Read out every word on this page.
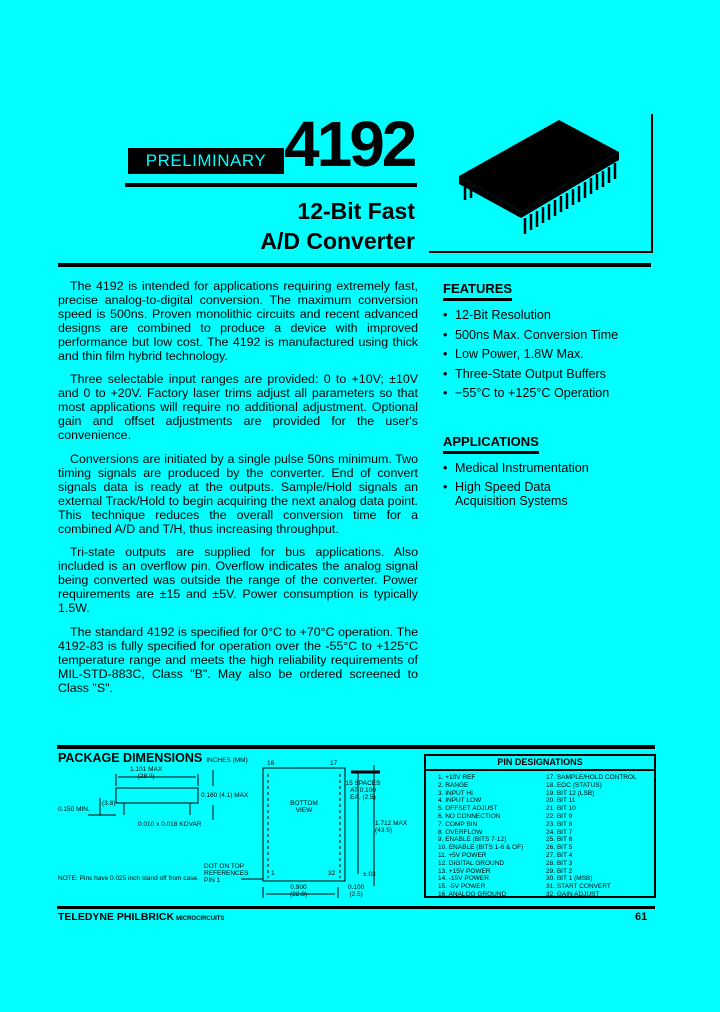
PRELIMINARY 4192
12-Bit Fast
A/D Converter

The 4192 is intended for applications requiring extremely fast, precise analog-to-digital conversion. The maximum conversion speed is 500ns. Proven monolithic circuits and recent advanced designs are combined to produce a device with improved performance but low cost. The 4192 is manufactured using thick and thin film hybrid technology.

Three selectable input ranges are provided: 0 to +10V; ±10V and 0 to +20V. Factory laser trims adjust all parameters so that most applications will require no additional adjustment. Optional gain and offset adjustments are provided for the user's convenience.

Conversions are initiated by a single pulse 50ns minimum. Two timing signals are produced by the converter. End of convert signals data is ready at the outputs. Sample/Hold signals an external Track/Hold to begin acquiring the next analog data point. This technique reduces the overall conversion time for a combined A/D and T/H, thus increasing throughput.

Tri-state outputs are supplied for bus applications. Also included is an overflow pin. Overflow indicates the analog signal being converted was outside the range of the converter. Power requirements are ±15 and ±5V. Power consumption is typically 1.5W.

The standard 4192 is specified for 0°C to +70°C operation. The 4192-83 is fully specified for operation over the -55°C to +125°C temperature range and meets the high reliability requirements of MIL-STD-883C, Class "B". May also be ordered screened to Class "S".

FEATURES
• 12-Bit Resolution
• 500ns Max. Conversion Time
• Low Power, 1.8W Max.
• Three-State Output Buffers
• −55°C to +125°C Operation
APPLICATIONS
• Medical Instrumentation
• High Speed Data Acquisition Systems
PACKAGE DIMENSIONS INCHES (MM)
1.101 MAX
(28.0)
0.160 (4.1) MAX
0.150 MIN.
(3.8)
0.010 x 0.018 KOVAR
BOTTOM VIEW
16	17
1	32
15 SPACES AT 0.100 EA. (2.5)
1.712 MAX
(43.5)
±.03
0.900
(22.8)
0.100
(2.5)
DOT ON TOP REFERENCES PIN 1
NOTE: Pins have 0.025 inch stand off from case.
PIN DESIGNATIONS
1. +10V REF
2. RANGE
3. INPUT HI
4. INPUT LOW
5. OFFSET ADJUST
6. NO CONNECTION
7. COMP BIN
8. OVERFLOW
9. ENABLE (BITS 7-12)
10. ENABLE (BITS 1-6 & OF)
11. +5V POWER
12. DIGITAL GROUND
13. +15V POWER
14. -15V POWER
15. -5V POWER
16. ANALOG GROUND
17. SAMPLE/HOLD CONTROL
18. EOC (STATUS)
19. BIT 12 (LSB)
20. BIT 11
21. BIT 10
22. BIT 9
23. BIT 8
24. BIT 7
25. BIT 6
26. BIT 5
27. BIT 4
28. BIT 3
29. BIT 2
30. BIT 1 (MSB)
31. START CONVERT
32. GAIN ADJUST
TELEDYNE PHILBRICK MICROCIRCUITS	61
